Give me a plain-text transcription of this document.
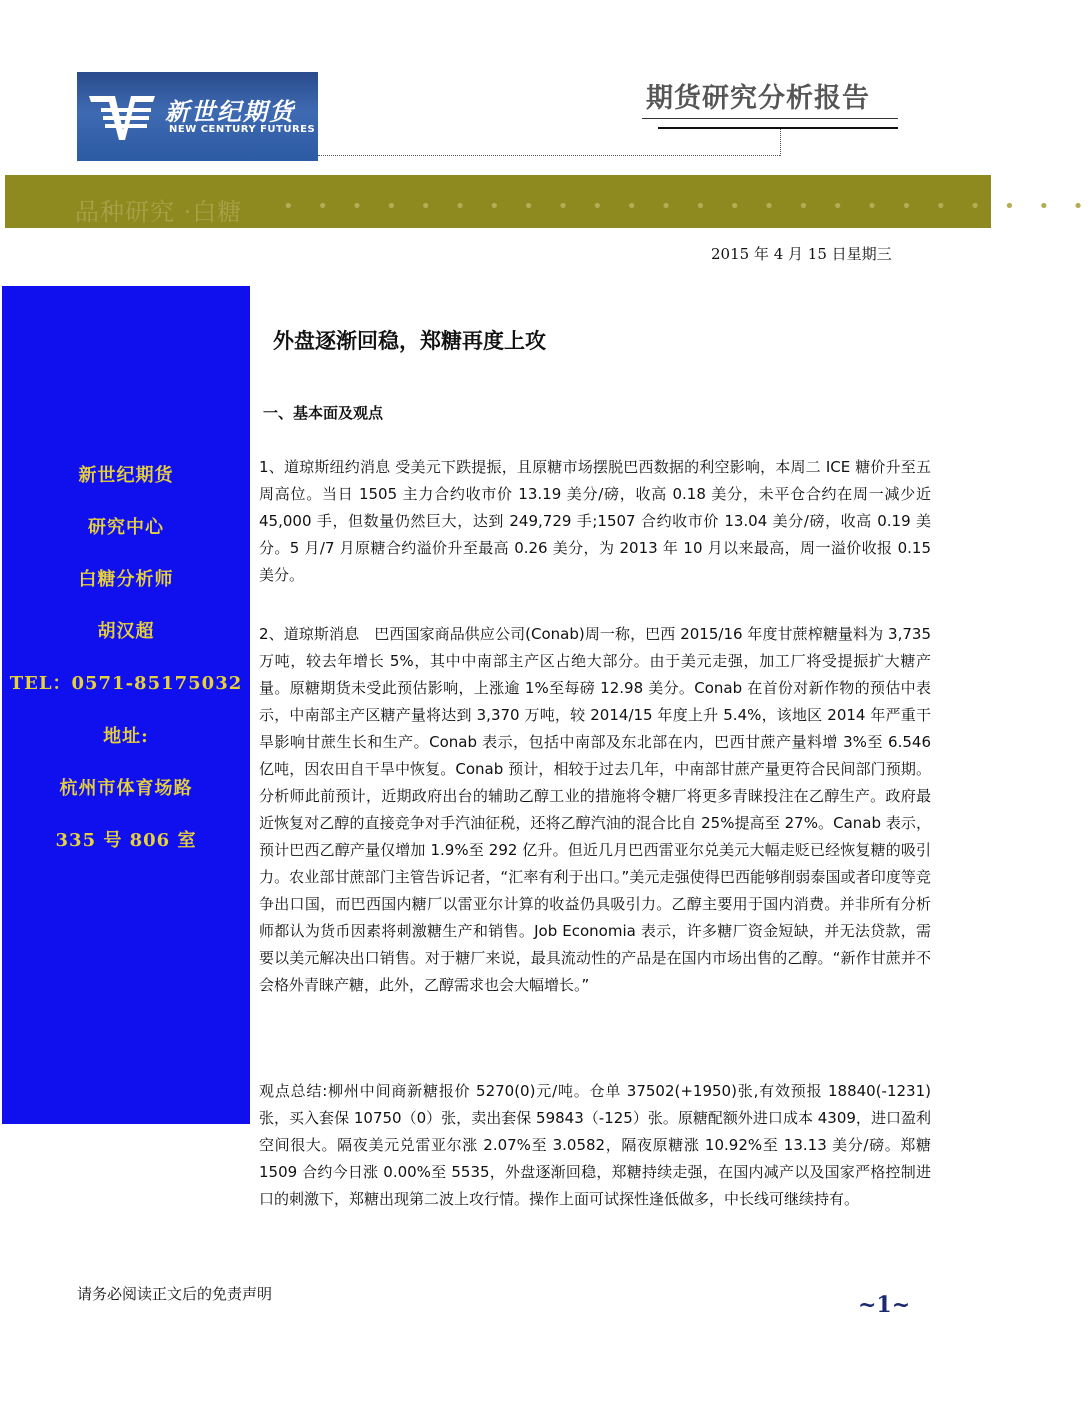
新世纪期货
NEW CENTURY FUTURES
期货研究分析报告
品种研究 ·白糖 • • • • • • • • • • • • • • • • • • • • • • • •
2015 年 4 月 15 日星期三
新世纪期货
研究中心
白糖分析师
胡汉超
TEL：0571-85175032
地址:
杭州市体育场路
335 号 806 室
外盘逐渐回稳，郑糖再度上攻
一、基本面及观点
1、道琼斯纽约消息 受美元下跌提振，且原糖市场摆脱巴西数据的利空影响，本周二 ICE 糖价升至五周高位。当日 1505 主力合约收市价 13.19 美分/磅，收高 0.18 美分，未平仓合约在周一减少近 45,000 手，但数量仍然巨大，达到 249,729 手;1507 合约收市价 13.04 美分/磅，收高 0.19 美分。5 月/7 月原糖合约溢价升至最高 0.26 美分，为 2013 年 10 月以来最高，周一溢价收报 0.15 美分。
2、道琼斯消息　巴西国家商品供应公司(Conab)周一称，巴西 2015/16 年度甘蔗榨糖量料为 3,735 万吨，较去年增长 5%，其中中南部主产区占绝大部分。由于美元走强，加工厂将受提振扩大糖产量。原糖期货未受此预估影响，上涨逾 1%至每磅 12.98 美分。Conab 在首份对新作物的预估中表示，中南部主产区糖产量将达到 3,370 万吨，较 2014/15 年度上升 5.4%，该地区 2014 年严重干旱影响甘蔗生长和生产。Conab 表示，包括中南部及东北部在内，巴西甘蔗产量料增 3%至 6.546 亿吨，因农田自干旱中恢复。Conab 预计，相较于过去几年，中南部甘蔗产量更符合民间部门预期。分析师此前预计，近期政府出台的辅助乙醇工业的措施将令糖厂将更多青睐投注在乙醇生产。政府最近恢复对乙醇的直接竞争对手汽油征税，还将乙醇汽油的混合比自 25%提高至 27%。Canab 表示，预计巴西乙醇产量仅增加 1.9%至 292 亿升。但近几月巴西雷亚尔兑美元大幅走贬已经恢复糖的吸引力。农业部甘蔗部门主管告诉记者，“汇率有利于出口。”美元走强使得巴西能够削弱泰国或者印度等竞争出口国，而巴西国内糖厂以雷亚尔计算的收益仍具吸引力。乙醇主要用于国内消费。并非所有分析师都认为货币因素将刺激糖生产和销售。Job Economia 表示，许多糖厂资金短缺，并无法贷款，需要以美元解决出口销售。对于糖厂来说，最具流动性的产品是在国内市场出售的乙醇。“新作甘蔗并不会格外青睐产糖，此外，乙醇需求也会大幅增长。”
观点总结:柳州中间商新糖报价 5270(0)元/吨。仓单 37502(+1950)张,有效预报 18840(-1231)张，买入套保 10750（0）张，卖出套保 59843（-125）张。原糖配额外进口成本 4309，进口盈利空间很大。隔夜美元兑雷亚尔涨 2.07%至 3.0582，隔夜原糖涨 10.92%至 13.13 美分/磅。郑糖 1509 合约今日涨 0.00%至 5535，外盘逐渐回稳，郑糖持续走强，在国内减产以及国家严格控制进口的刺激下，郑糖出现第二波上攻行情。操作上面可试探性逢低做多，中长线可继续持有。
请务必阅读正文后的免责声明	~1~
